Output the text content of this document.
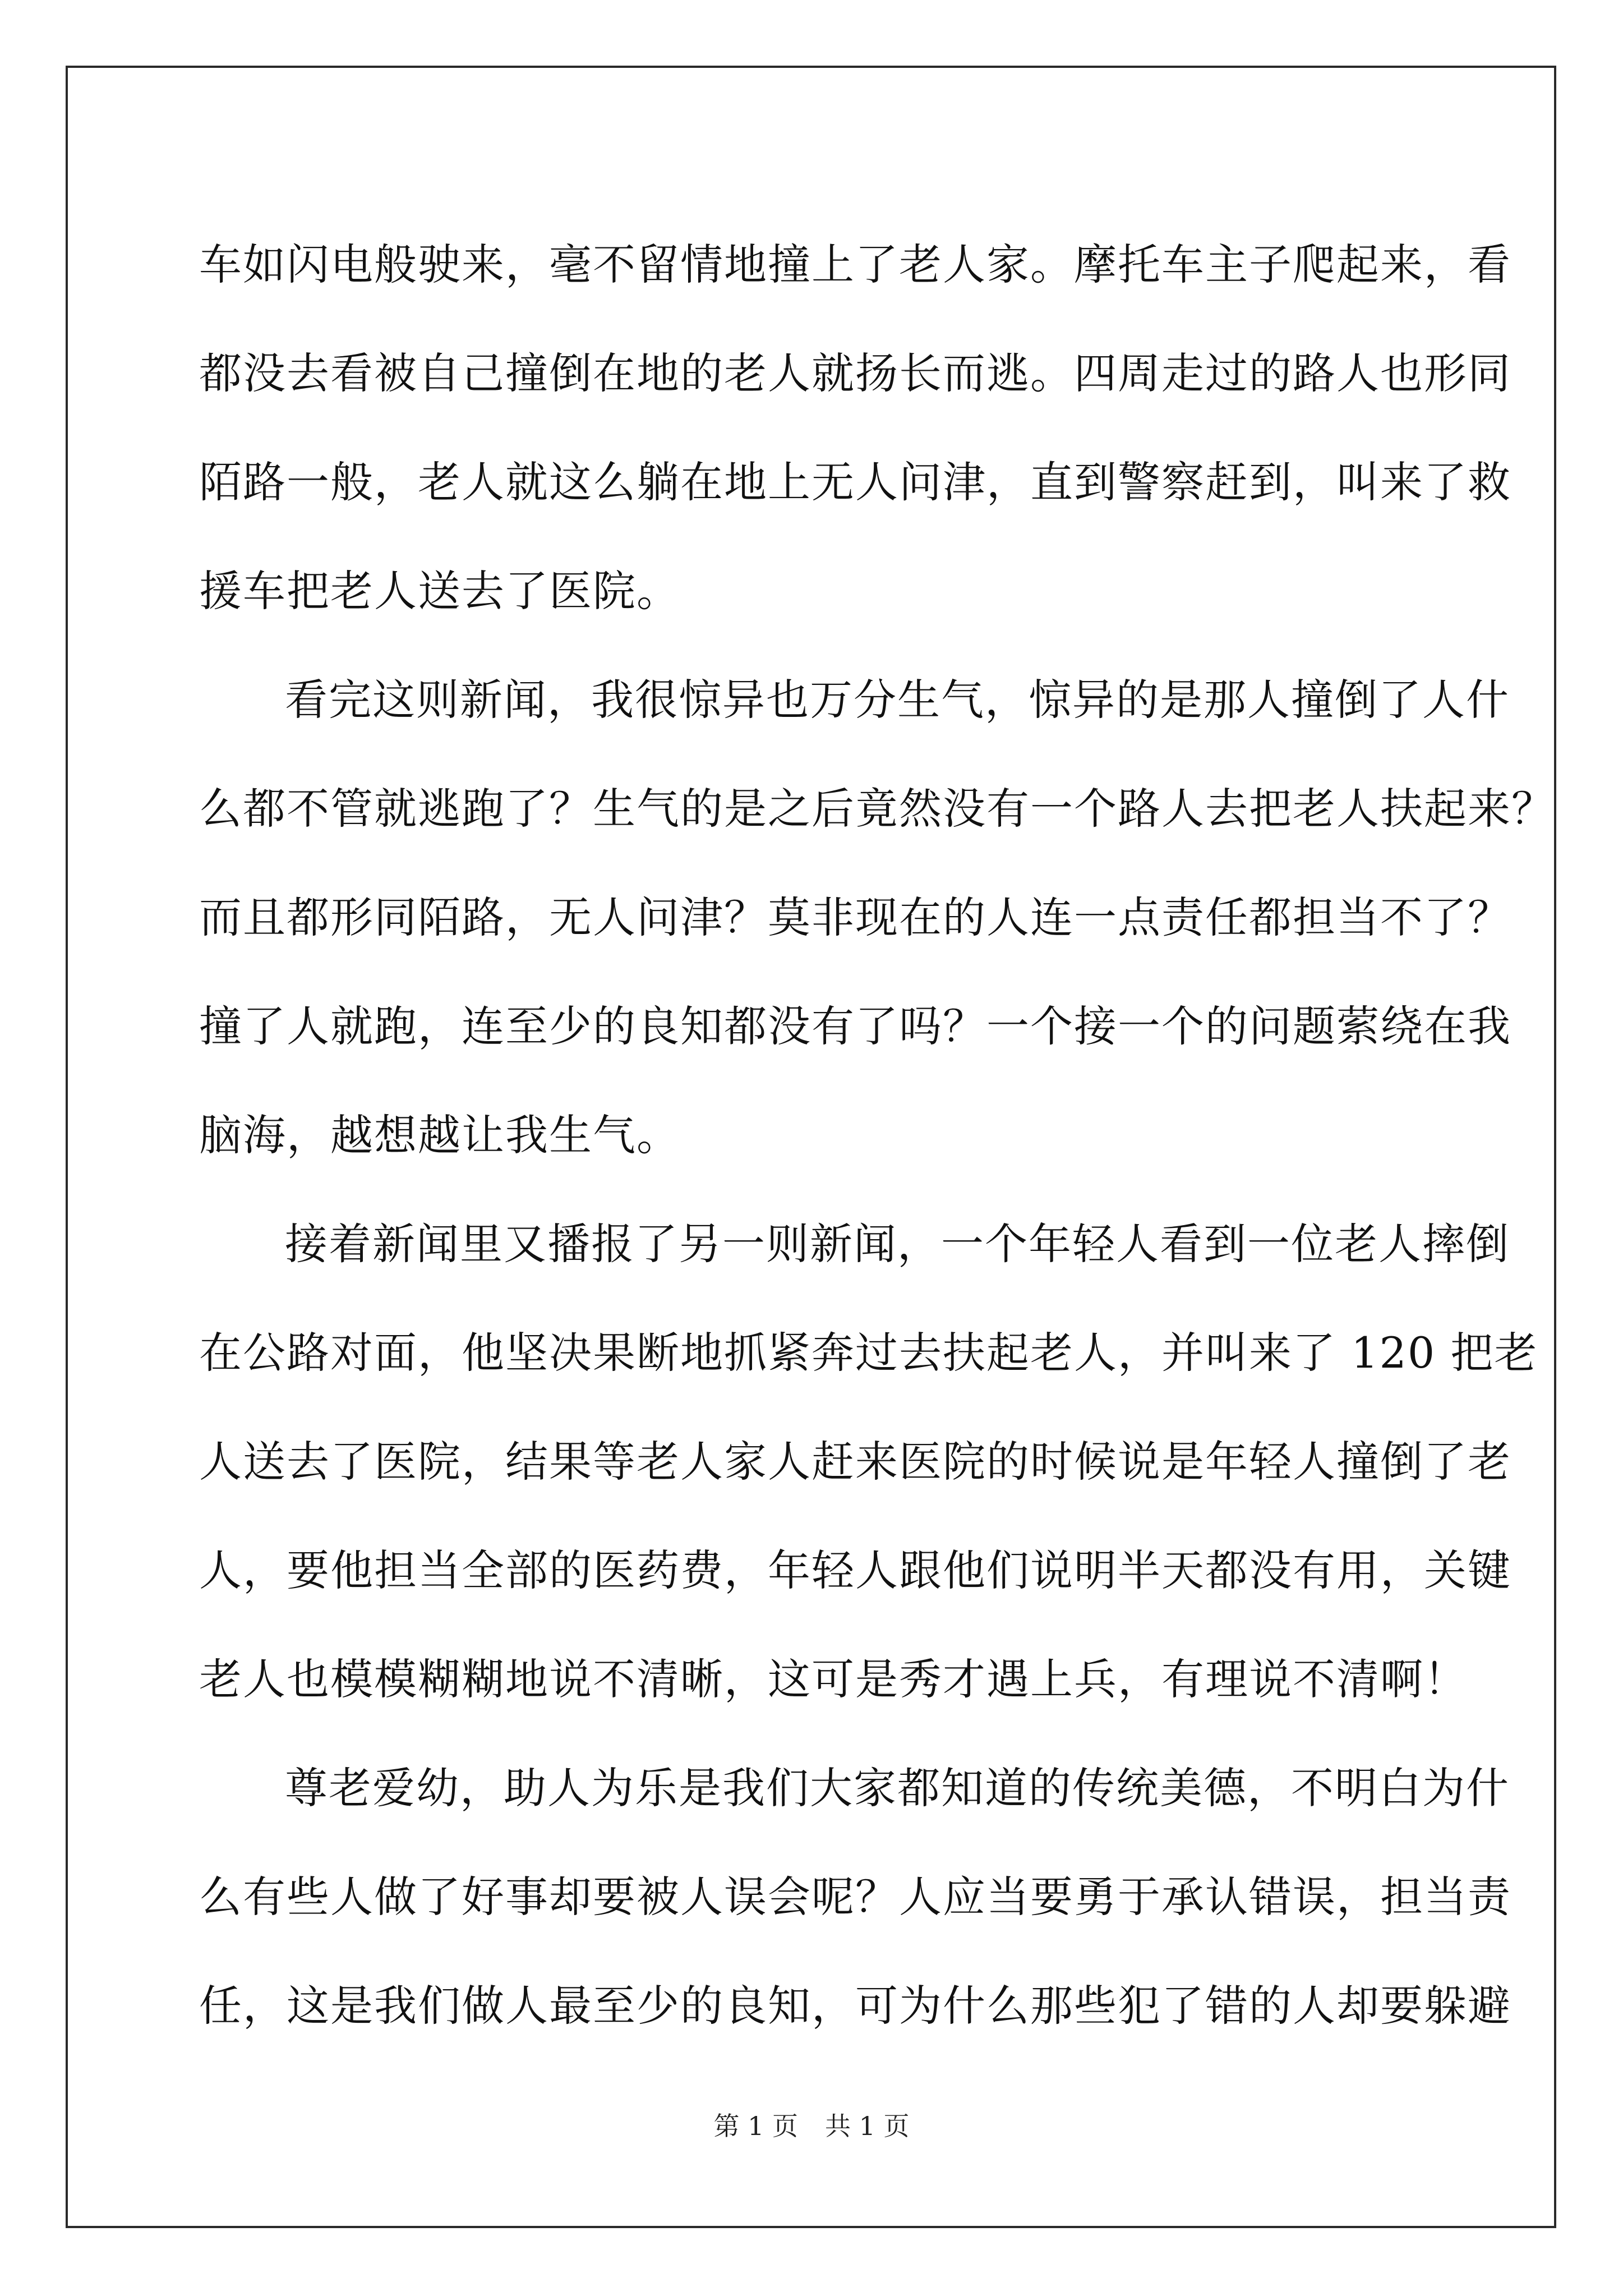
车如闪电般驶来，毫不留情地撞上了老人家。摩托车主子爬起来，看
都没去看被自己撞倒在地的老人就扬长而逃。四周走过的路人也形同
陌路一般，老人就这么躺在地上无人问津，直到警察赶到，叫来了救
援车把老人送去了医院。
看完这则新闻，我很惊异也万分生气，惊异的是那人撞倒了人什
么都不管就逃跑了？生气的是之后竟然没有一个路人去把老人扶起来？
而且都形同陌路，无人问津？莫非现在的人连一点责任都担当不了？
撞了人就跑，连至少的良知都没有了吗？一个接一个的问题萦绕在我
脑海，越想越让我生气。
接着新闻里又播报了另一则新闻，一个年轻人看到一位老人摔倒
在公路对面，他坚决果断地抓紧奔过去扶起老人，并叫来了 120 把老
人送去了医院，结果等老人家人赶来医院的时候说是年轻人撞倒了老
人，要他担当全部的医药费，年轻人跟他们说明半天都没有用，关键
老人也模模糊糊地说不清晰，这可是秀才遇上兵，有理说不清啊！
尊老爱幼，助人为乐是我们大家都知道的传统美德，不明白为什
么有些人做了好事却要被人误会呢？人应当要勇于承认错误，担当责
任，这是我们做人最至少的良知，可为什么那些犯了错的人却要躲避
第 1 页 共 1 页
